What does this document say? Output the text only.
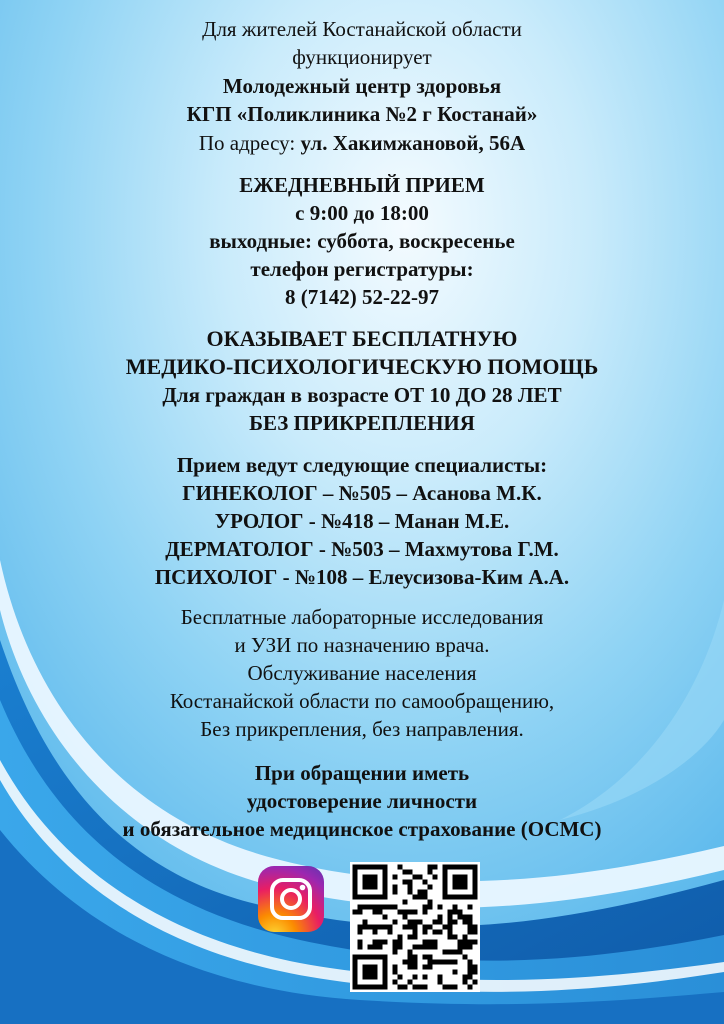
Для жителей Костанайской области
функционирует
Молодежный центр здоровья
КГП «Поликлиника №2 г Костанай»
По адресу: ул. Хакимжановой, 56А
ЕЖЕДНЕВНЫЙ ПРИЕМ
с 9:00 до 18:00
выходные: суббота, воскресенье
телефон регистратуры:
8 (7142) 52-22-97
ОКАЗЫВАЕТ БЕСПЛАТНУЮ
МЕДИКО-ПСИХОЛОГИЧЕСКУЮ ПОМОЩЬ
Для граждан в возрасте ОТ 10 ДО 28 ЛЕТ
БЕЗ ПРИКРЕПЛЕНИЯ
Прием ведут следующие специалисты:
ГИНЕКОЛОГ – №505 – Асанова М.К.
УРОЛОГ - №418 – Манан М.Е.
ДЕРМАТОЛОГ - №503 – Махмутова Г.М.
ПСИХОЛОГ - №108 – Елеусизова-Ким А.А.
Бесплатные лабораторные исследования
и УЗИ по назначению врача.
Обслуживание населения
Костанайской области по самообращению,
Без прикрепления, без направления.
При обращении иметь
удостоверение личности
и обязательное медицинское страхование (ОСМС)
